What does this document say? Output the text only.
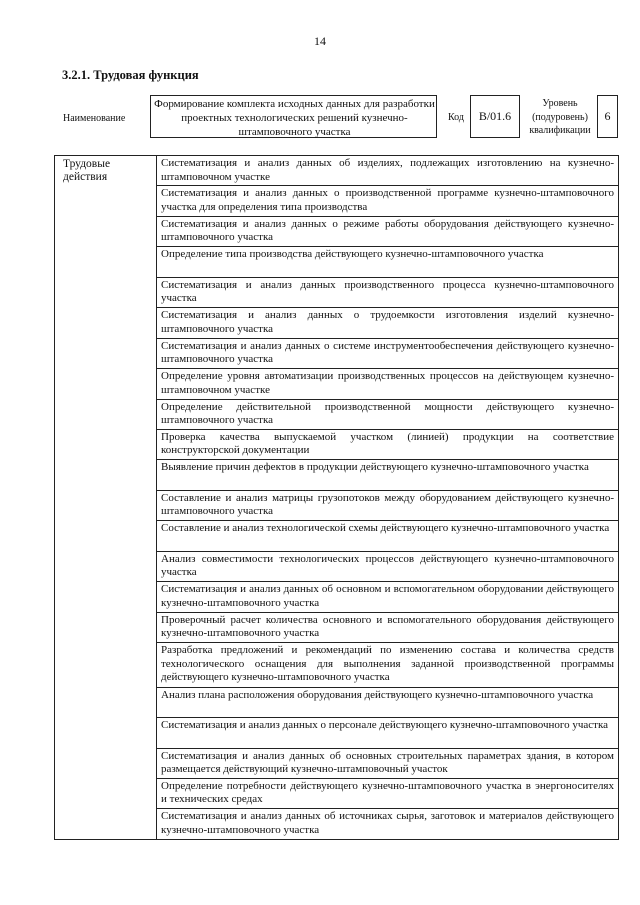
14
3.2.1. Трудовая функция
Наименование
Формирование комплекта исходных данных для разработки проектных технологических решений кузнечно-штамповочного участка
Код B/01.6
Уровень (подуровень) квалификации
6
Трудовые действия
Систематизация и анализ данных об изделиях, подлежащих изготовлению на кузнечно-штамповочном участке
Систематизация и анализ данных о производственной программе кузнечно-штамповочного участка для определения типа производства
Систематизация и анализ данных о режиме работы оборудования действующего кузнечно-штамповочного участка
Определение типа производства действующего кузнечно-штамповочного участка
Систематизация и анализ данных производственного процесса кузнечно-штамповочного участка
Систематизация и анализ данных о трудоемкости изготовления изделий кузнечно-штамповочного участка
Систематизация и анализ данных о системе инструментообеспечения действующего кузнечно-штамповочного участка
Определение уровня автоматизации производственных процессов на действующем кузнечно-штамповочном участке
Определение действительной производственной мощности действующего кузнечно-штамповочного участка
Проверка качества выпускаемой участком (линией) продукции на соответствие конструкторской документации
Выявление причин дефектов в продукции действующего кузнечно-штамповочного участка
Составление и анализ матрицы грузопотоков между оборудованием действующего кузнечно-штамповочного участка
Составление и анализ технологической схемы действующего кузнечно-штамповочного участка
Анализ совместимости технологических процессов действующего кузнечно-штамповочного участка
Систематизация и анализ данных об основном и вспомогательном оборудовании действующего кузнечно-штамповочного участка
Проверочный расчет количества основного и вспомогательного оборудования действующего кузнечно-штамповочного участка
Разработка предложений и рекомендаций по изменению состава и количества средств технологического оснащения для выполнения заданной производственной программы действующего кузнечно-штамповочного участка
Анализ плана расположения оборудования действующего кузнечно-штамповочного участка
Систематизация и анализ данных о персонале действующего кузнечно-штамповочного участка
Систематизация и анализ данных об основных строительных параметрах здания, в котором размещается действующий кузнечно-штамповочный участок
Определение потребности действующего кузнечно-штамповочного участка в энергоносителях и технических средах
Систематизация и анализ данных об источниках сырья, заготовок и материалов действующего кузнечно-штамповочного участка
